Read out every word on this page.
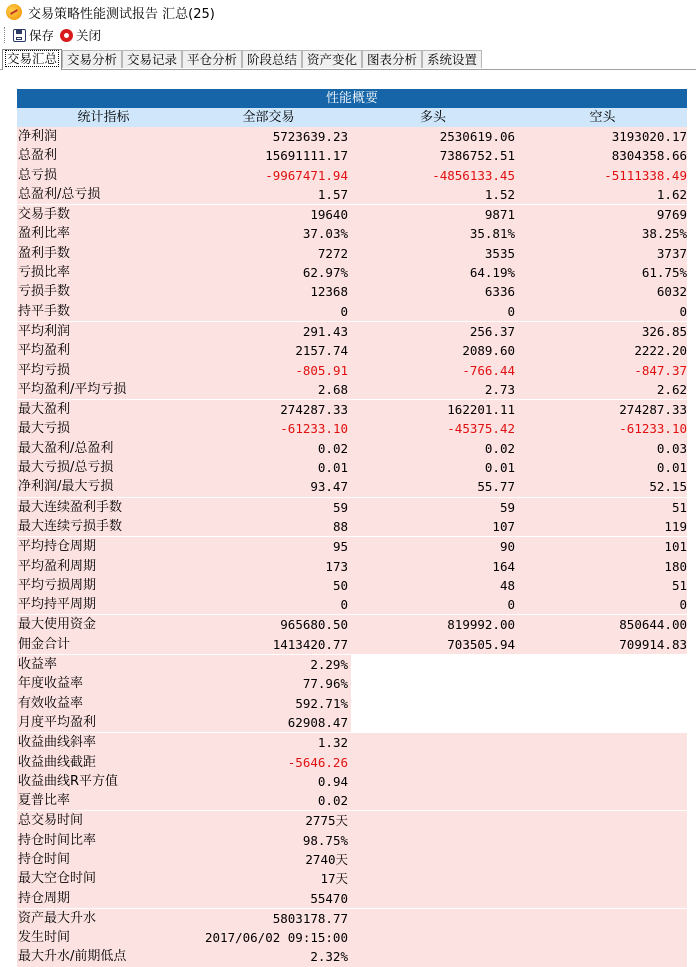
交易策略性能测试报告 汇总(25)
保存 关闭
交易汇总 交易分析 交易记录 平仓分析 阶段总结 资产变化 图表分析 系统设置
性能概要
统计指标	全部交易	多头	空头
净利润	5723639.23	2530619.06	3193020.17
总盈利	15691111.17	7386752.51	8304358.66
总亏损	-9967471.94	-4856133.45	-5111338.49
总盈利/总亏损	1.57	1.52	1.62
交易手数	19640	9871	9769
盈利比率	37.03%	35.81%	38.25%
盈利手数	7272	3535	3737
亏损比率	62.97%	64.19%	61.75%
亏损手数	12368	6336	6032
持平手数	0	0	0
平均利润	291.43	256.37	326.85
平均盈利	2157.74	2089.60	2222.20
平均亏损	-805.91	-766.44	-847.37
平均盈利/平均亏损	2.68	2.73	2.62
最大盈利	274287.33	162201.11	274287.33
最大亏损	-61233.10	-45375.42	-61233.10
最大盈利/总盈利	0.02	0.02	0.03
最大亏损/总亏损	0.01	0.01	0.01
净利润/最大亏损	93.47	55.77	52.15
最大连续盈利手数	59	59	51
最大连续亏损手数	88	107	119
平均持仓周期	95	90	101
平均盈利周期	173	164	180
平均亏损周期	50	48	51
平均持平周期	0	0	0
最大使用资金	965680.50	819992.00	850644.00
佣金合计	1413420.77	703505.94	709914.83
收益率	2.29%
年度收益率	77.96%
有效收益率	592.71%
月度平均盈利	62908.47
收益曲线斜率	1.32
收益曲线截距	-5646.26
收益曲线R平方值	0.94
夏普比率	0.02
总交易时间	2775天
持仓时间比率	98.75%
持仓时间	2740天
最大空仓时间	17天
持仓周期	55470
资产最大升水	5803178.77
发生时间	2017/06/02 09:15:00
最大升水/前期低点	2.32%
